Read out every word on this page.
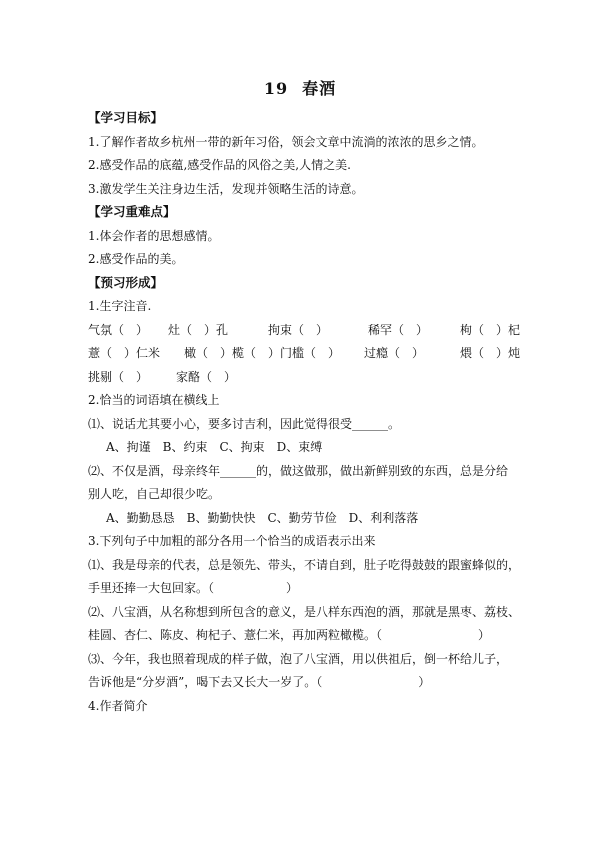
19 春酒
【学习目标】
1.了解作者故乡杭州一带的新年习俗，领会文章中流淌的浓浓的思乡之情。
2.感受作品的底蕴,感受作品的风俗之美,人情之美.
3.激发学生关注身边生活，发现并领略生活的诗意。
【学习重难点】
1.体会作者的思想感情。
2.感受作品的美。
【预习形成】
1.生字注音.
气氛（　） 灶（　）孔	拘束（　）	稀罕（　）	枸（　）杞
薏（　）仁米 橄（　）榄（　） 门槛（　） 过瘾（　）	煨（　）炖
挑剔（　） 家酪（　）
2.恰当的词语填在横线上
⑴、说话尤其要小心，要多讨吉利，因此觉得很受______。
A、拘谨　B、约束　C、拘束　D、束缚
⑵、不仅是酒，母亲终年______的，做这做那，做出新鲜别致的东西，总是分给
别人吃，自己却很少吃。
A、勤勤恳恳　B、勤勤快快　C、勤劳节俭　D、利利落落
3.下列句子中加粗的部分各用一个恰当的成语表示出来
⑴、我是母亲的代表，总是领先、带头，不请自到，肚子吃得鼓鼓的跟蜜蜂似的，
手里还捧一大包回家。（　　　　　　）
⑵、八宝酒，从名称想到所包含的意义，是八样东西泡的酒，那就是黑枣、荔枝、
桂圆、杏仁、陈皮、枸杞子、薏仁米，再加两粒橄榄。（　　　　　　　　）
⑶、今年，我也照着现成的样子做，泡了八宝酒，用以供祖后，倒一杯给儿子，
告诉他是“分岁酒”，喝下去又长大一岁了。（　　　　　　　　）
4.作者简介
